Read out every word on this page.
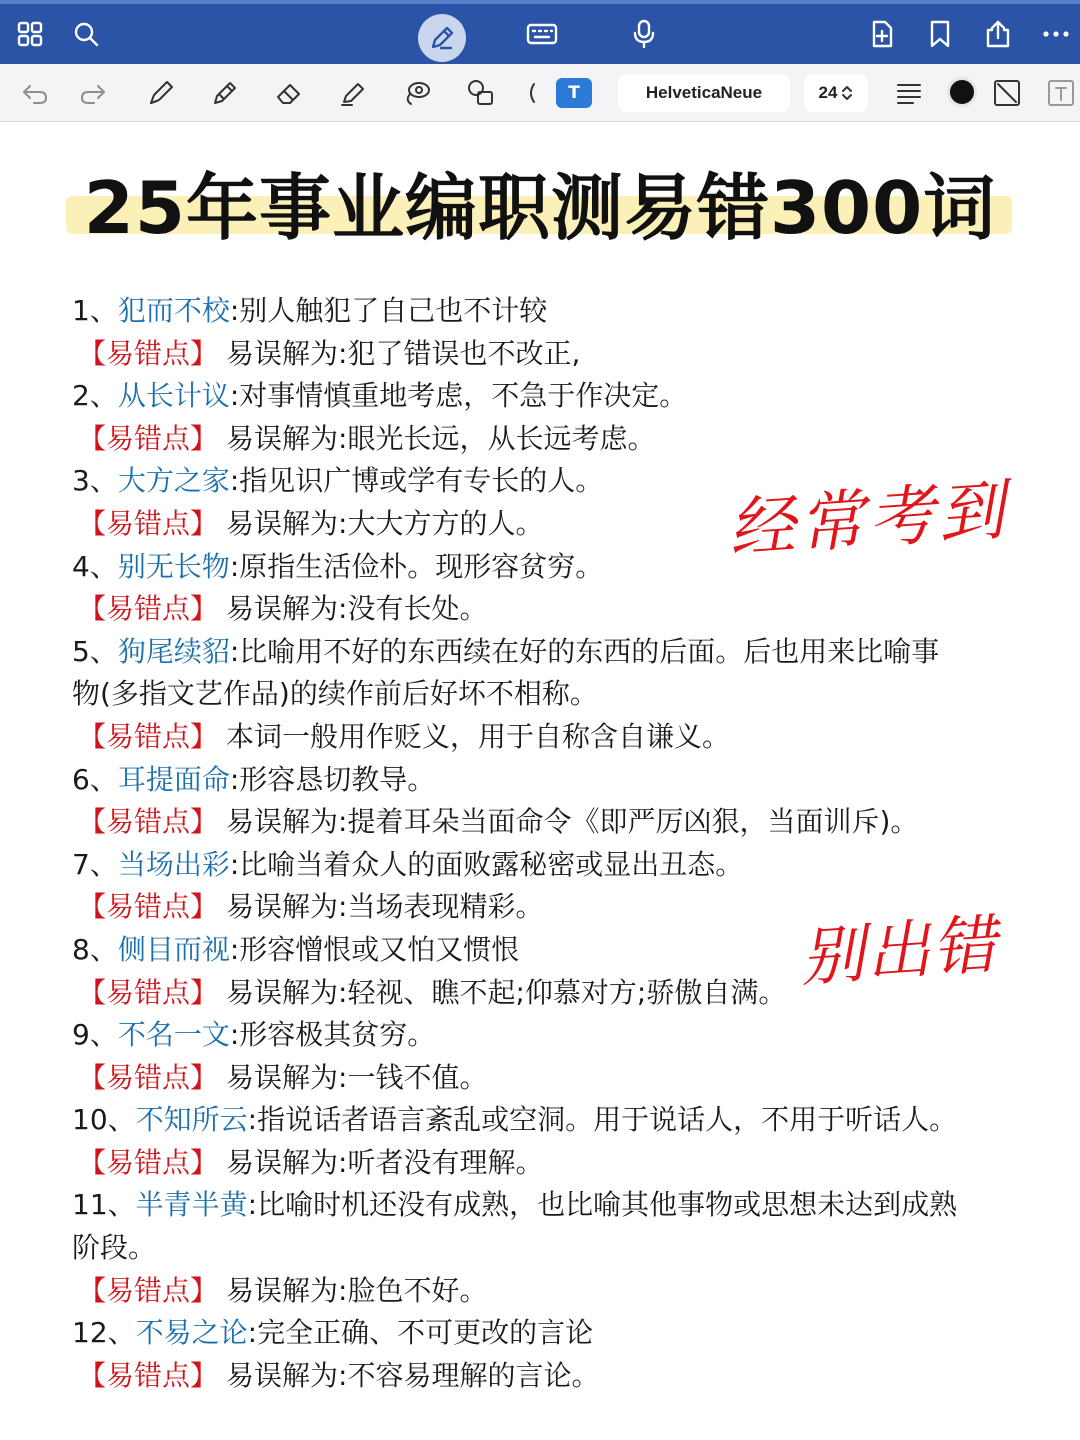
T	HelveticaNeue	24
25年事业编职测易错300词
1、犯而不校:别人触犯了自己也不计较
【易错点】 易误解为:犯了错误也不改正,
2、从长计议:对事情慎重地考虑，不急于作决定。
【易错点】 易误解为:眼光长远，从长远考虑。
3、大方之家:指见识广博或学有专长的人。
【易错点】 易误解为:大大方方的人。
4、别无长物:原指生活俭朴。现形容贫穷。
【易错点】 易误解为:没有长处。
5、狗尾续貂:比喻用不好的东西续在好的东西的后面。后也用来比喻事
物(多指文艺作品)的续作前后好坏不相称。
【易错点】 本词一般用作贬义，用于自称含自谦义。
6、耳提面命:形容恳切教导。
【易错点】 易误解为:提着耳朵当面命令《即严厉凶狠，当面训斥)。
7、当场出彩:比喻当着众人的面败露秘密或显出丑态。
【易错点】 易误解为:当场表现精彩。
8、侧目而视:形容憎恨或又怕又惯恨
【易错点】 易误解为:轻视、瞧不起;仰慕对方;骄傲自满。
9、不名一文:形容极其贫穷。
【易错点】 易误解为:一钱不值。
10、不知所云:指说话者语言紊乱或空洞。用于说话人，不用于听话人。
【易错点】 易误解为:听者没有理解。
11、半青半黄:比喻时机还没有成熟，也比喻其他事物或思想未达到成熟
阶段。
【易错点】 易误解为:脸色不好。
12、不易之论:完全正确、不可更改的言论
【易错点】 易误解为:不容易理解的言论。
经常考到
别出错
